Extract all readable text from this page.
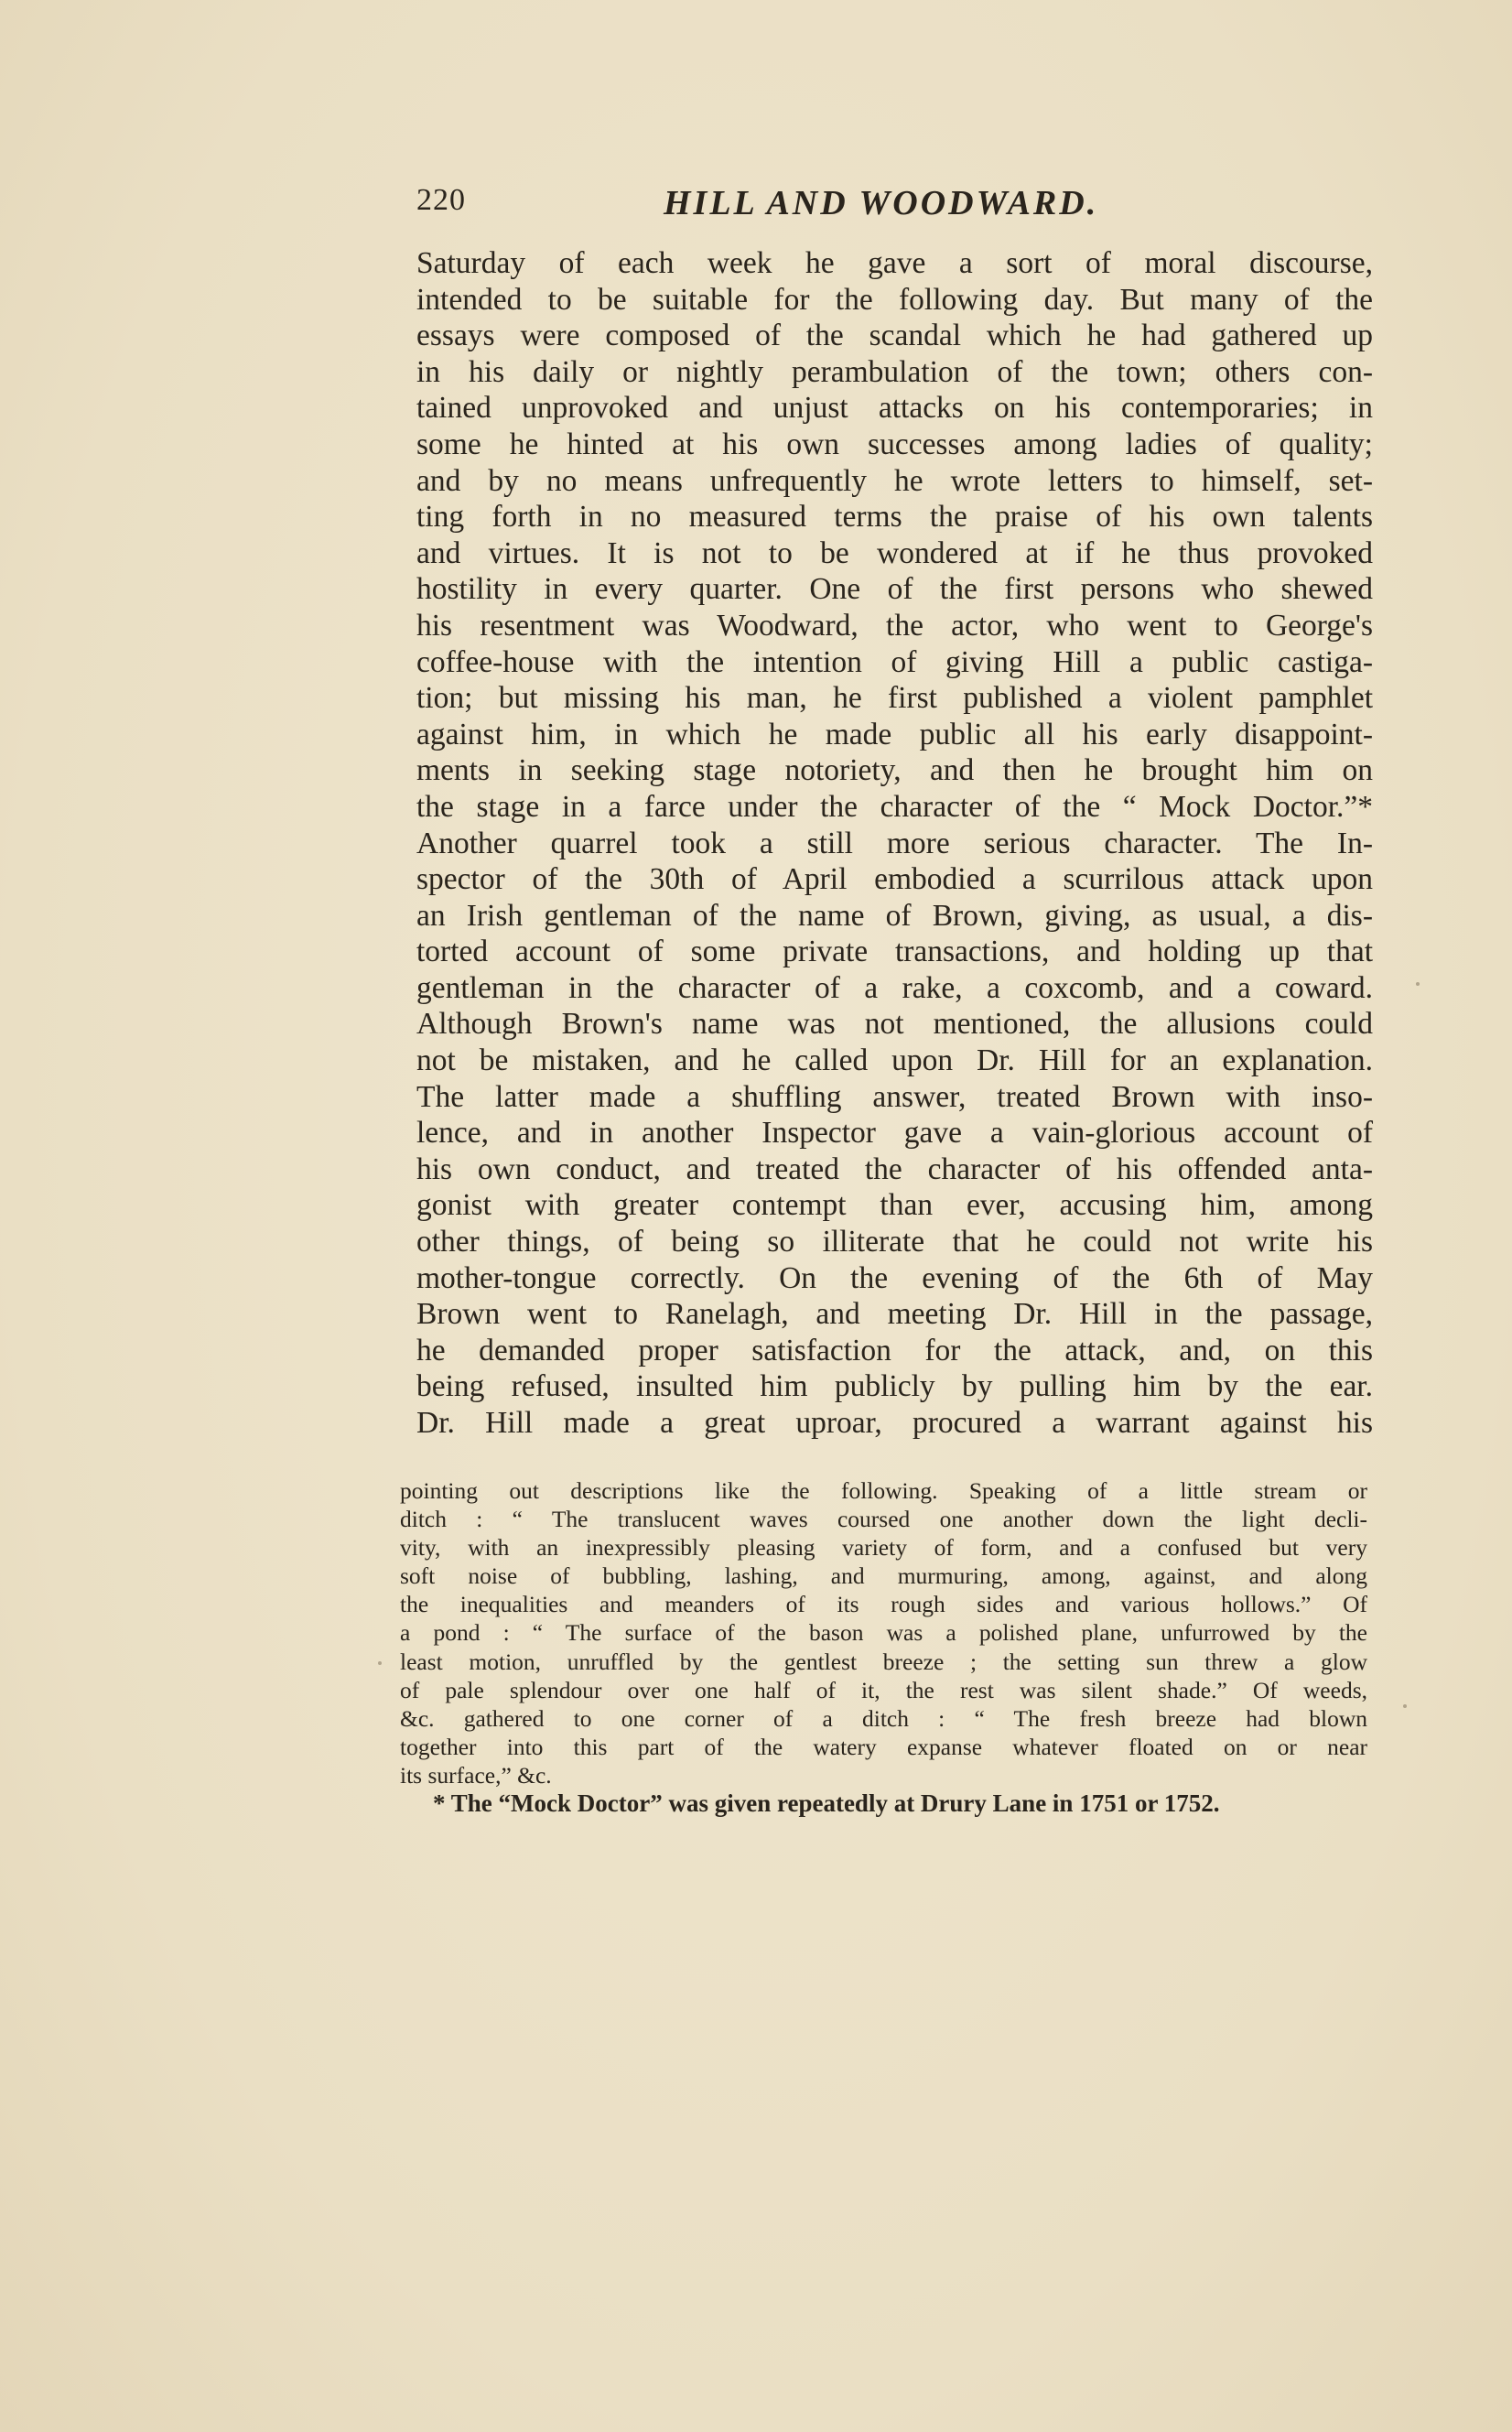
220	HILL AND WOODWARD.
Saturday of each week he gave a sort of moral discourse,
intended to be suitable for the following day. But many of the
essays were composed of the scandal which he had gathered up
in his daily or nightly perambulation of the town; others con-
tained unprovoked and unjust attacks on his contemporaries; in
some he hinted at his own successes among ladies of quality;
and by no means unfrequently he wrote letters to himself, set-
ting forth in no measured terms the praise of his own talents
and virtues. It is not to be wondered at if he thus provoked
hostility in every quarter. One of the first persons who shewed
his resentment was Woodward, the actor, who went to George's
coffee-house with the intention of giving Hill a public castiga-
tion; but missing his man, he first published a violent pamphlet
against him, in which he made public all his early disappoint-
ments in seeking stage notoriety, and then he brought him on
the stage in a farce under the character of the “ Mock Doctor.”*
Another quarrel took a still more serious character. The In-
spector of the 30th of April embodied a scurrilous attack upon
an Irish gentleman of the name of Brown, giving, as usual, a dis-
torted account of some private transactions, and holding up that
gentleman in the character of a rake, a coxcomb, and a coward.
Although Brown's name was not mentioned, the allusions could
not be mistaken, and he called upon Dr. Hill for an explanation.
The latter made a shuffling answer, treated Brown with inso-
lence, and in another Inspector gave a vain-glorious account of
his own conduct, and treated the character of his offended anta-
gonist with greater contempt than ever, accusing him, among
other things, of being so illiterate that he could not write his
mother-tongue correctly. On the evening of the 6th of May
Brown went to Ranelagh, and meeting Dr. Hill in the passage,
he demanded proper satisfaction for the attack, and, on this
being refused, insulted him publicly by pulling him by the ear.
Dr. Hill made a great uproar, procured a warrant against his
pointing out descriptions like the following. Speaking of a little stream or
ditch : “ The translucent waves coursed one another down the light decli-
vity, with an inexpressibly pleasing variety of form, and a confused but very
soft noise of bubbling, lashing, and murmuring, among, against, and along
the inequalities and meanders of its rough sides and various hollows.” Of
a pond : “ The surface of the bason was a polished plane, unfurrowed by the
least motion, unruffled by the gentlest breeze ; the setting sun threw a glow
of pale splendour over one half of it, the rest was silent shade.” Of weeds,
&c. gathered to one corner of a ditch : “ The fresh breeze had blown
together into this part of the watery expanse whatever floated on or near
its surface,” &c.
* The “Mock Doctor” was given repeatedly at Drury Lane in 1751 or 1752.
